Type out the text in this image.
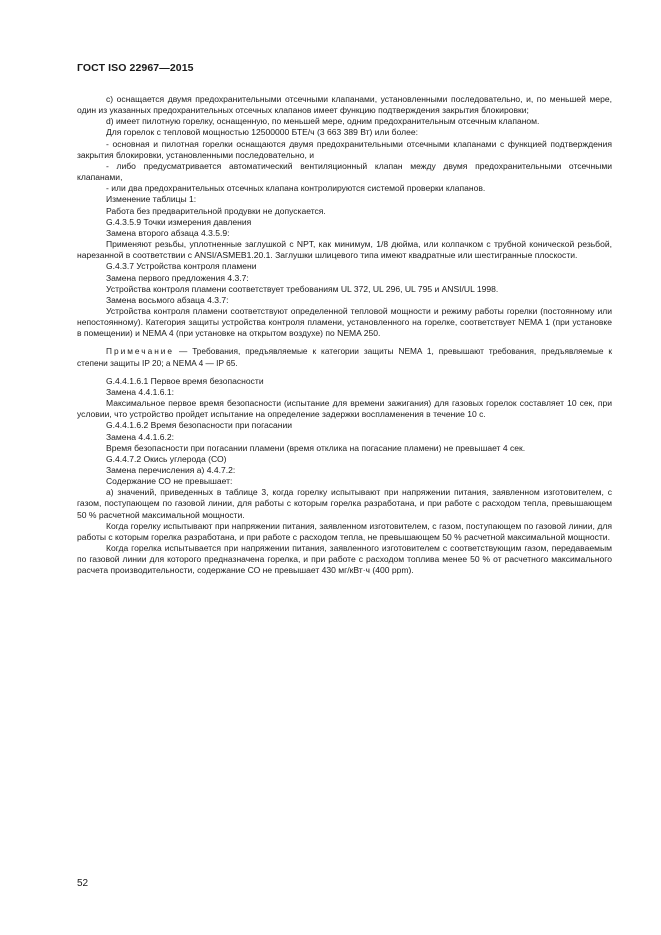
ГОСТ ISO 22967—2015

с) оснащается двумя предохранительными отсечными клапанами, установленными последовательно, и, по меньшей мере, один из указанных предохранительных отсечных клапанов имеет функцию подтверждения закрытия блокировки;

d) имеет пилотную горелку, оснащенную, по меньшей мере, одним предохранительным отсечным клапаном.

Для горелок с тепловой мощностью 12500000 БТЕ/ч (3 663 389 Вт) или более:

- основная и пилотная горелки оснащаются двумя предохранительными отсечными клапанами с функцией подтверждения закрытия блокировки, установленными последовательно, и

- либо предусматривается автоматический вентиляционный клапан между двумя предохранительными отсечными клапанами,

- или два предохранительных отсечных клапана контролируются системой проверки клапанов.

Изменение таблицы 1:

Работа без предварительной продувки не допускается.

G.4.3.5.9 Точки измерения давления

Замена второго абзаца 4.3.5.9:

Применяют резьбы, уплотненные заглушкой с NPT, как минимум, 1/8 дюйма, или колпачком с трубной конической резьбой, нарезанной в соответствии с ANSI/ASMEB1.20.1. Заглушки шлицевого типа имеют квадратные или шестигранные плоскости.

G.4.3.7 Устройства контроля пламени

Замена первого предложения 4.3.7:

Устройства контроля пламени соответствует требованиям UL 372, UL 296, UL 795 и ANSI/UL 1998.

Замена восьмого абзаца 4.3.7:

Устройства контроля пламени соответствуют определенной тепловой мощности и режиму работы горелки (постоянному или непостоянному). Категория защиты устройства контроля пламени, установленного на горелке, соответствует NEMA 1 (при установке в помещении) и NEMA 4 (при установке на открытом воздухе) по NEMA 250.

Примечание — Требования, предъявляемые к категории защиты NEMA 1, превышают требования, предъявляемые к степени защиты IP 20; а NEMA 4 — IP 65.

G.4.4.1.6.1 Первое время безопасности

Замена 4.4.1.6.1:

Максимальное первое время безопасности (испытание для времени зажигания) для газовых горелок составляет 10 сек, при условии, что устройство пройдет испытание на определение задержки воспламенения в течение 10 с.

G.4.4.1.6.2 Время безопасности при погасании

Замена 4.4.1.6.2:

Время безопасности при погасании пламени (время отклика на погасание пламени) не превышает 4 сек.

G.4.4.7.2 Окись углерода (СО)

Замена перечисления а) 4.4.7.2:

Содержание СО не превышает:

а) значений, приведенных в таблице 3, когда горелку испытывают при напряжении питания, заявленном изготовителем, с газом, поступающем по газовой линии, для работы с которым горелка разработана, и при работе с расходом тепла, превышающем 50 % расчетной максимальной мощности.

Когда горелку испытывают при напряжении питания, заявленном изготовителем, с газом, поступающем по газовой линии, для работы с которым горелка разработана, и при работе с расходом тепла, не превышающем 50 % расчетной максимальной мощности.

Когда горелка испытывается при напряжении питания, заявленного изготовителем с соответствующим газом, передаваемым по газовой линии для которого предназначена горелка, и при работе с расходом топлива менее 50 % от расчетного максимального расчета производительности, содержание СО не превышает 430 мг/кВт·ч (400 ppm).

52
